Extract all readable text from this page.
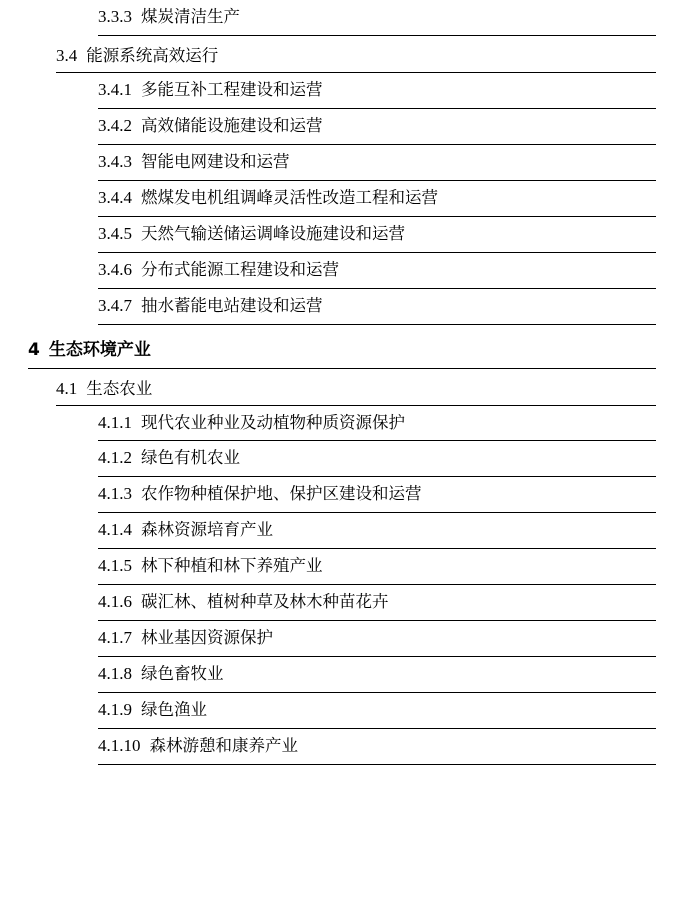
3.3.3 煤炭清洁生产
3.4 能源系统高效运行
3.4.1 多能互补工程建设和运营
3.4.2 高效储能设施建设和运营
3.4.3 智能电网建设和运营
3.4.4 燃煤发电机组调峰灵活性改造工程和运营
3.4.5 天然气输送储运调峰设施建设和运营
3.4.6 分布式能源工程建设和运营
3.4.7 抽水蓄能电站建设和运营
4 生态环境产业
4.1 生态农业
4.1.1 现代农业种业及动植物种质资源保护
4.1.2 绿色有机农业
4.1.3 农作物种植保护地、保护区建设和运营
4.1.4 森林资源培育产业
4.1.5 林下种植和林下养殖产业
4.1.6 碳汇林、植树种草及林木种苗花卉
4.1.7 林业基因资源保护
4.1.8 绿色畜牧业
4.1.9 绿色渔业
4.1.10 森林游憩和康养产业
